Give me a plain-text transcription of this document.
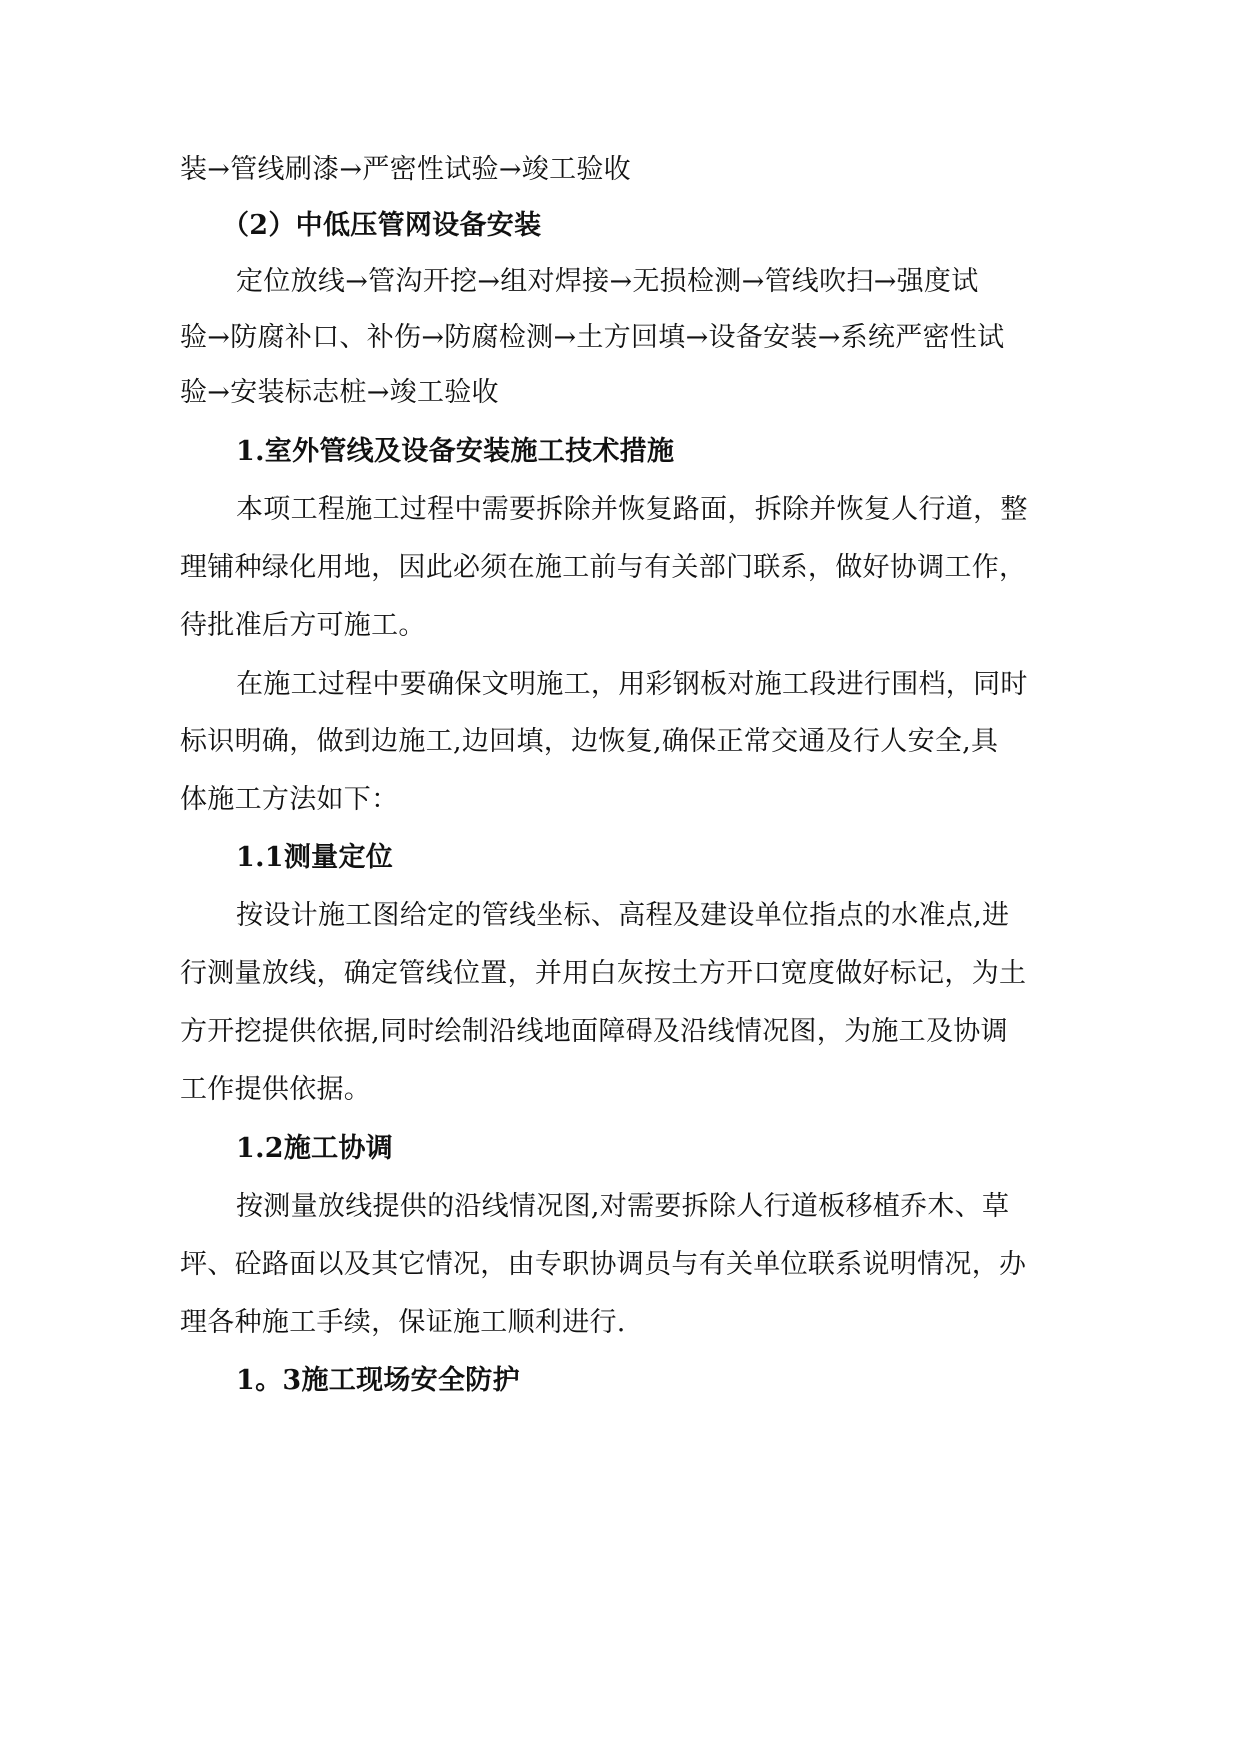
装→管线刷漆→严密性试验→竣工验收
（2）中低压管网设备安装
定位放线→管沟开挖→组对焊接→无损检测→管线吹扫→强度试
验→防腐补口、补伤→防腐检测→土方回填→设备安装→系统严密性试
验→安装标志桩→竣工验收
1.室外管线及设备安装施工技术措施
本项工程施工过程中需要拆除并恢复路面，拆除并恢复人行道，整
理铺种绿化用地，因此必须在施工前与有关部门联系，做好协调工作，
待批准后方可施工。
在施工过程中要确保文明施工，用彩钢板对施工段进行围档，同时
标识明确，做到边施工,边回填，边恢复,确保正常交通及行人安全,具
体施工方法如下：
1.1测量定位
按设计施工图给定的管线坐标、高程及建设单位指点的水准点,进
行测量放线，确定管线位置，并用白灰按土方开口宽度做好标记，为土
方开挖提供依据,同时绘制沿线地面障碍及沿线情况图，为施工及协调
工作提供依据。
1.2施工协调
按测量放线提供的沿线情况图,对需要拆除人行道板移植乔木、草
坪、砼路面以及其它情况，由专职协调员与有关单位联系说明情况，办
理各种施工手续，保证施工顺利进行.
1。3施工现场安全防护
